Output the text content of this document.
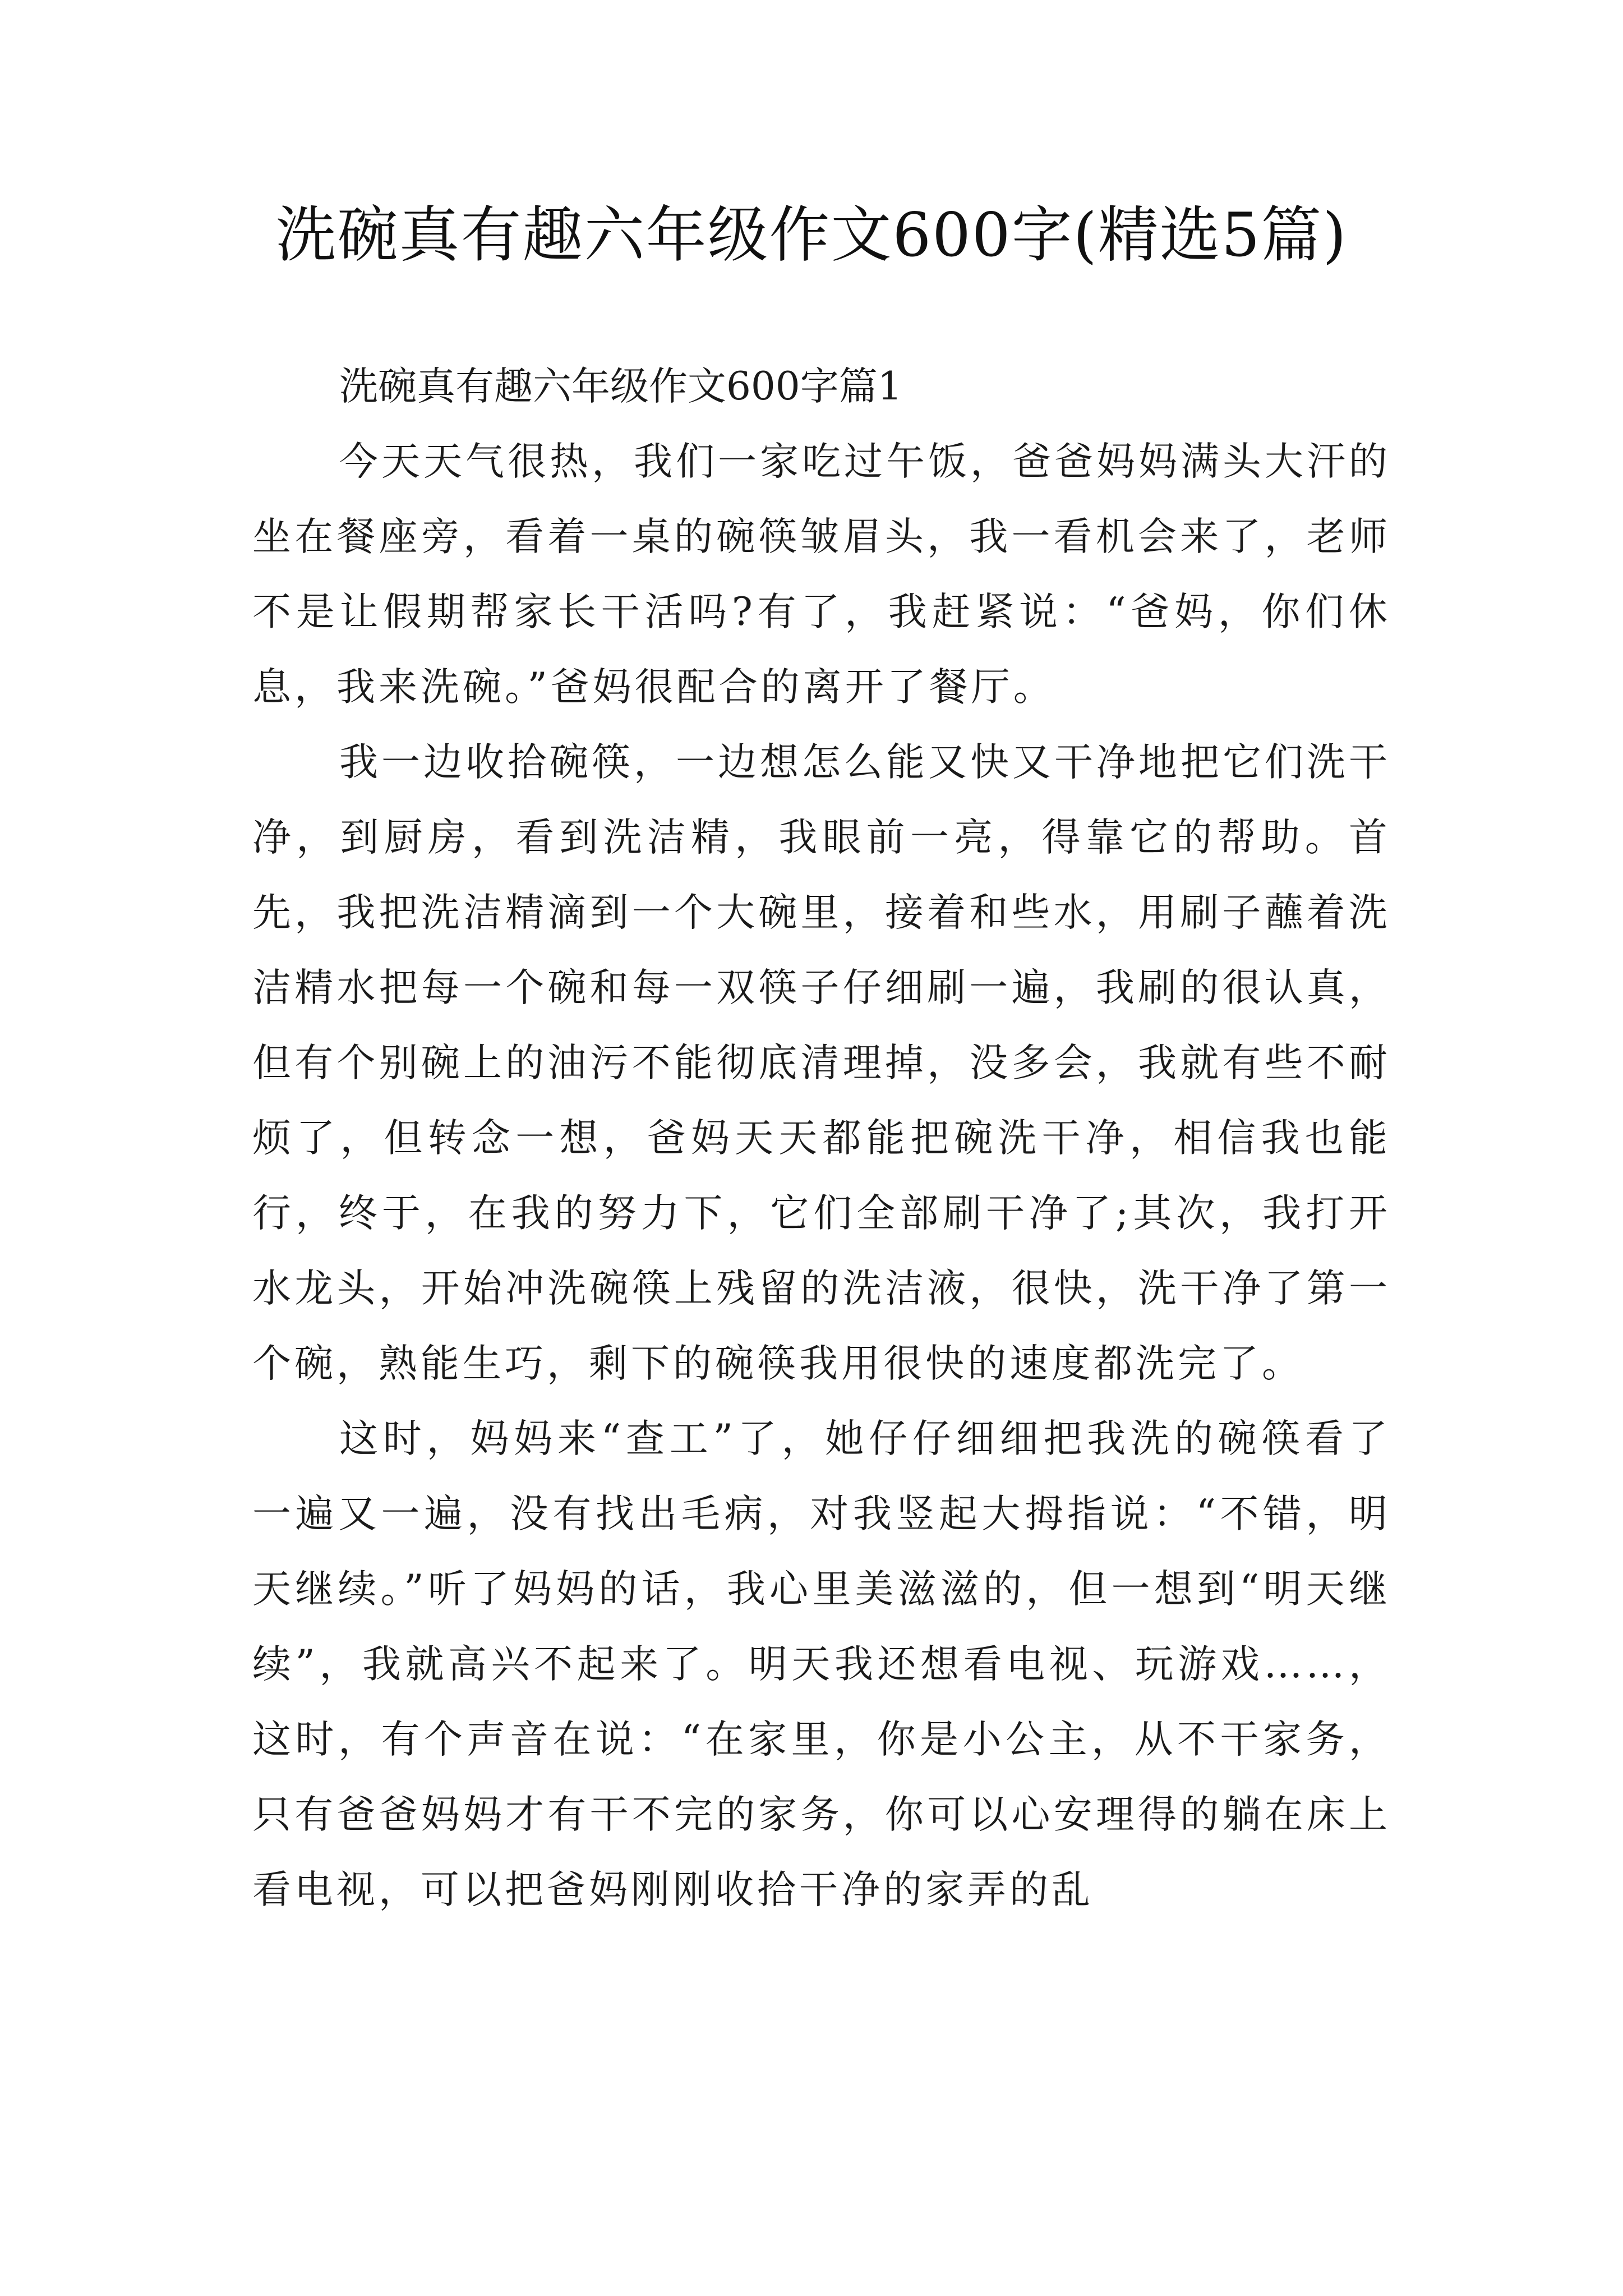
洗碗真有趣六年级作文600字(精选5篇)

洗碗真有趣六年级作文600字篇1

今天天气很热，我们一家吃过午饭，爸爸妈妈满头大汗的坐在餐座旁，看着一桌的碗筷皱眉头，我一看机会来了，老师不是让假期帮家长干活吗?有了，我赶紧说：“爸妈，你们休息，我来洗碗。”爸妈很配合的离开了餐厅。

我一边收拾碗筷，一边想怎么能又快又干净地把它们洗干净，到厨房，看到洗洁精，我眼前一亮，得靠它的帮助。首先，我把洗洁精滴到一个大碗里，接着和些水，用刷子蘸着洗洁精水把每一个碗和每一双筷子仔细刷一遍，我刷的很认真，但有个别碗上的油污不能彻底清理掉，没多会，我就有些不耐烦了，但转念一想，爸妈天天都能把碗洗干净，相信我也能行，终于，在我的努力下，它们全部刷干净了;其次，我打开水龙头，开始冲洗碗筷上残留的洗洁液，很快，洗干净了第一个碗，熟能生巧，剩下的碗筷我用很快的速度都洗完了。

这时，妈妈来“查工”了，她仔仔细细把我洗的碗筷看了一遍又一遍，没有找出毛病，对我竖起大拇指说：“不错，明天继续。”听了妈妈的话，我心里美滋滋的，但一想到“明天继续”，我就高兴不起来了。明天我还想看电视、玩游戏……，这时，有个声音在说：“在家里，你是小公主，从不干家务，只有爸爸妈妈才有干不完的家务，你可以心安理得的躺在床上看电视，可以把爸妈刚刚收拾干净的家弄的乱
